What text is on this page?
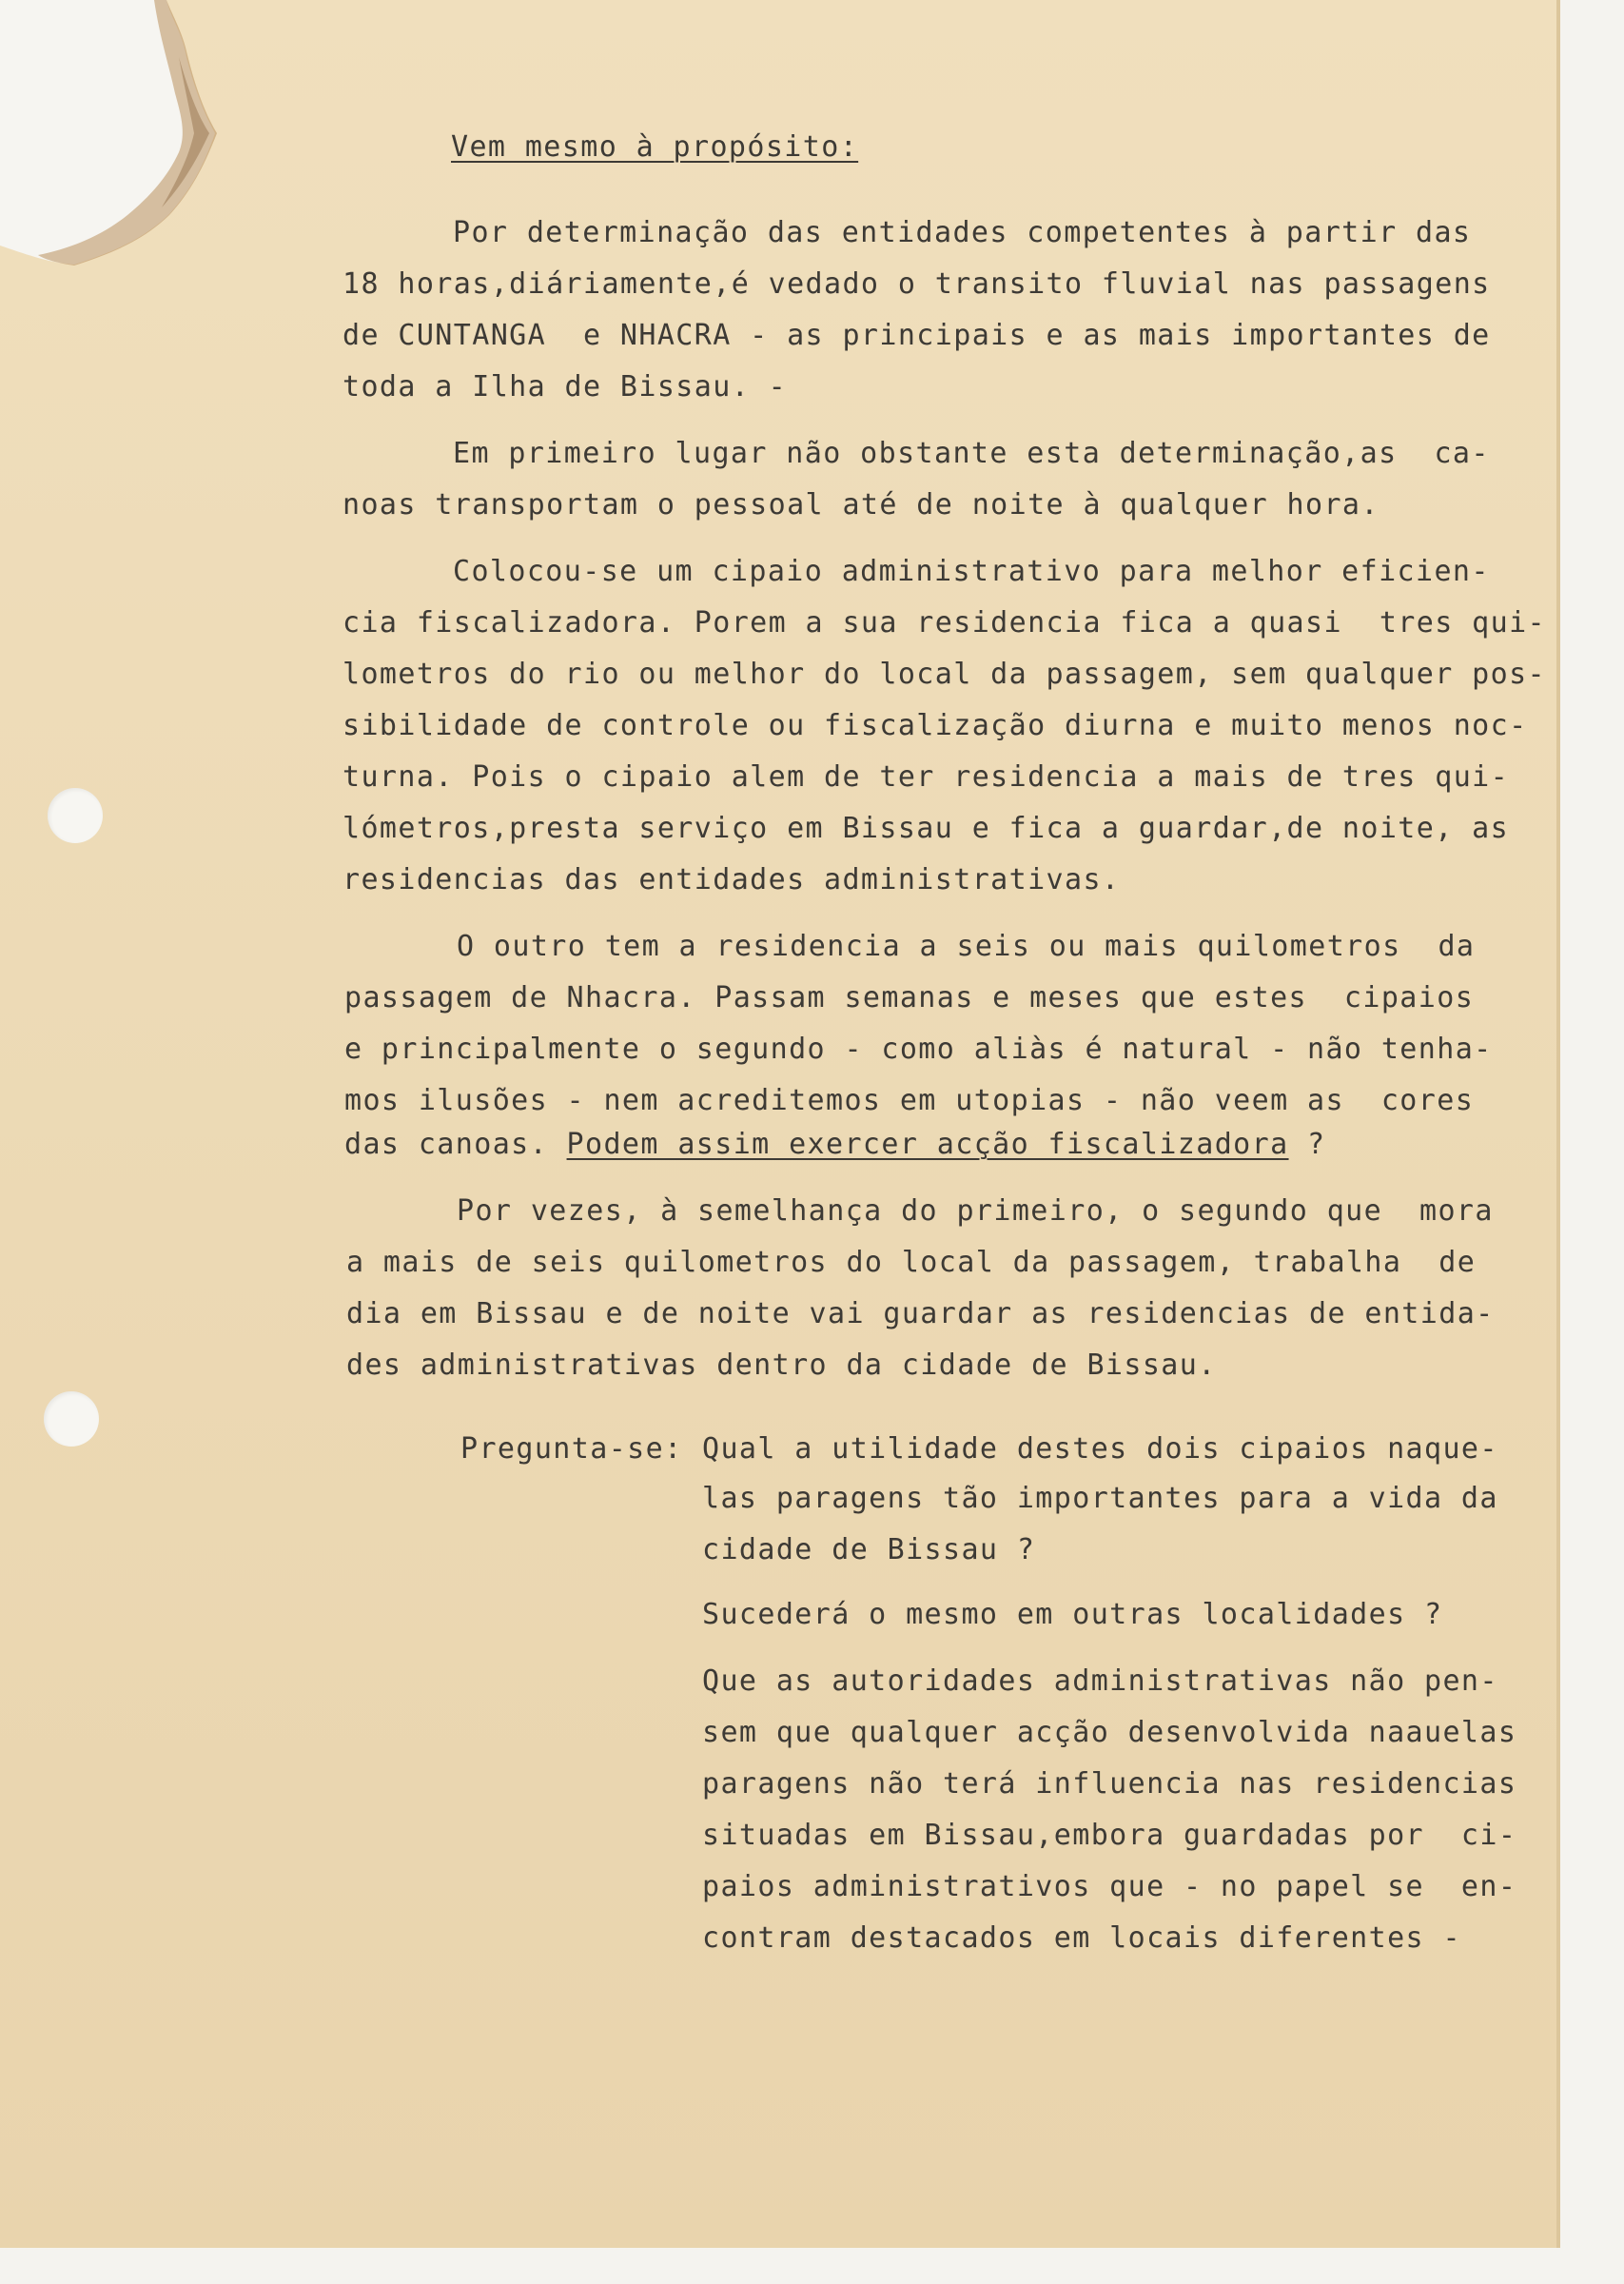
Vem mesmo à propósito:
Por determinação das entidades competentes à partir das
18 horas,diáriamente,é vedado o transito fluvial nas passagens
de CUNTANGA  e NHACRA - as principais e as mais importantes de
toda a Ilha de Bissau. -
Em primeiro lugar não obstante esta determinação,as  ca-
noas transportam o pessoal até de noite à qualquer hora.
Colocou-se um cipaio administrativo para melhor eficien-
cia fiscalizadora. Porem a sua residencia fica a quasi  tres qui-
lometros do rio ou melhor do local da passagem, sem qualquer pos-
sibilidade de controle ou fiscalização diurna e muito menos noc-
turna. Pois o cipaio alem de ter residencia a mais de tres qui-
lómetros,presta serviço em Bissau e fica a guardar,de noite, as
residencias das entidades administrativas.
O outro tem a residencia a seis ou mais quilometros  da
passagem de Nhacra. Passam semanas e meses que estes  cipaios
e principalmente o segundo - como aliàs é natural - não tenha-
mos ilusões - nem acreditemos em utopias - não veem as  cores
das canoas. Podem assim exercer acção fiscalizadora ?
Por vezes, à semelhança do primeiro, o segundo que  mora
a mais de seis quilometros do local da passagem, trabalha  de
dia em Bissau e de noite vai guardar as residencias de entida-
des administrativas dentro da cidade de Bissau.
Pregunta-se: Qual a utilidade destes dois cipaios naque-
las paragens tão importantes para a vida da
cidade de Bissau ?
Sucederá o mesmo em outras localidades ?
Que as autoridades administrativas não pen-
sem que qualquer acção desenvolvida naauelas
paragens não terá influencia nas residencias
situadas em Bissau,embora guardadas por  ci-
paios administrativos que - no papel se  en-
contram destacados em locais diferentes -
